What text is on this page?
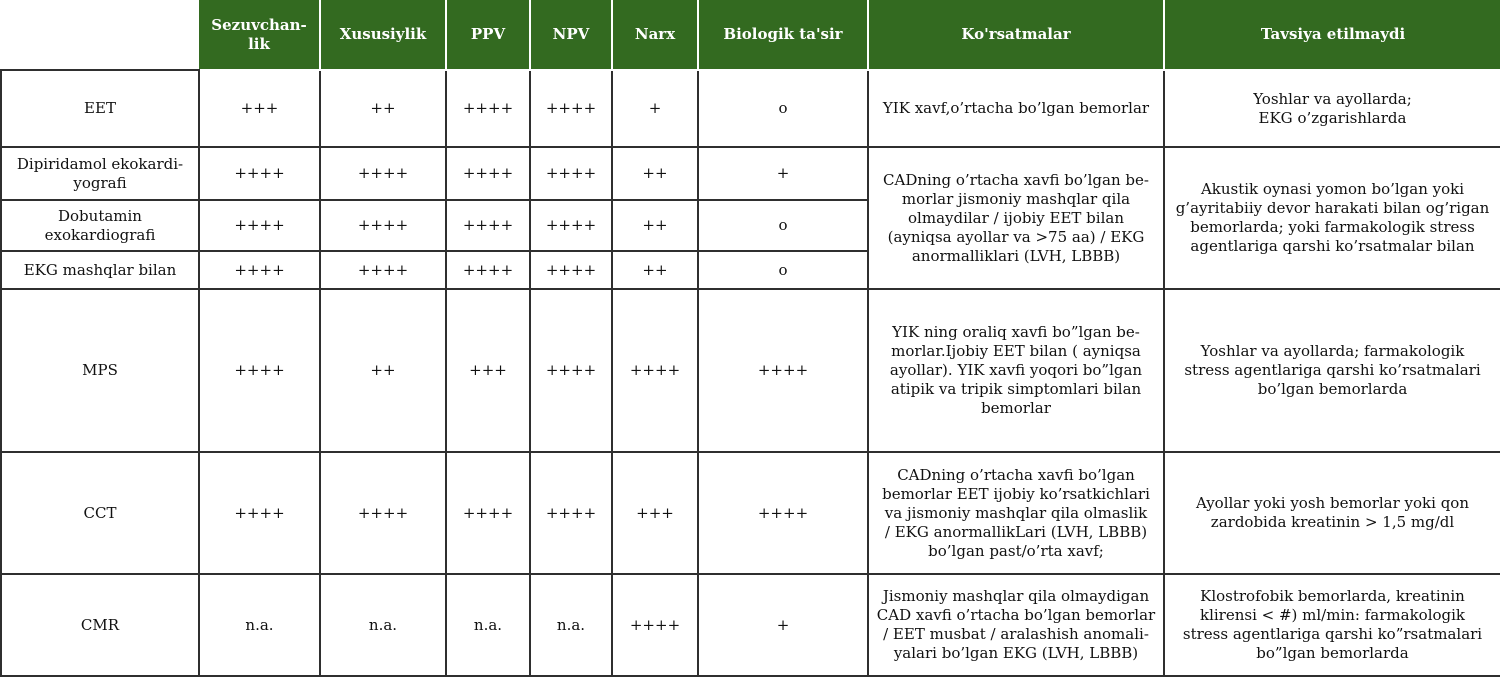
	Sezuvchan-
lik	Xususiylik	PPV	NPV	Narx	Biologik ta'sir	Ko'rsatmalar	Tavsiya etilmaydi
EET	+++	++	++++	++++	+	o	YIK xavf,o’rtacha bo’lgan bemorlar	Yoshlar va ayollarda;
EKG o’zgarishlarda
Dipiridamol ekokardi-
yografi	++++	++++	++++	++++	++	+	CADning o’rtacha xavfi bo’lgan be-
morlar jismoniy mashqlar qila
olmaydilar / ijobiy EET bilan
(ayniqsa ayollar va >75 aa) / EKG
anormalliklari (LVH, LBBB)	Akustik oynasi yomon bo’lgan yoki
g’ayritabiiy devor harakati bilan og’rigan
bemorlarda; yoki farmakologik stress
agentlariga qarshi ko’rsatmalar bilan
Dobutamin
exokardiografi	++++	++++	++++	++++	++	o		
EKG mashqlar bilan	++++	++++	++++	++++	++	o		
MPS	++++	++	+++	++++	++++	++++	YIK ning oraliq xavfi bo”lgan be-
morlar.Ijobiy EET bilan ( ayniqsa
ayollar). YIK xavfi yoqori bo”lgan
atipik va tripik simptomlari bilan
bemorlar	Yoshlar va ayollarda; farmakologik
stress agentlariga qarshi ko’rsatmalari
bo’lgan bemorlarda
CCT	++++	++++	++++	++++	+++	++++	CADning o’rtacha xavfi bo’lgan
bemorlar EET ijobiy ko’rsatkichlari
va jismoniy mashqlar qila olmaslik
/ EKG anormallikLari (LVH, LBBB)
bo’lgan past/o’rta xavf;	Ayollar yoki yosh bemorlar yoki qon
zardobida kreatinin > 1,5 mg/dl
CMR	n.a.	n.a.	n.a.	n.a.	++++	+	Jismoniy mashqlar qila olmaydigan
CAD xavfi o’rtacha bo’lgan bemorlar
/ EET musbat / aralashish anomali-
yalari bo’lgan EKG (LVH, LBBB)	Klostrofobik bemorlarda, kreatinin
klirensi < #) ml/min: farmakologik
stress agentlariga qarshi ko”rsatmalari
bo”lgan bemorlarda
